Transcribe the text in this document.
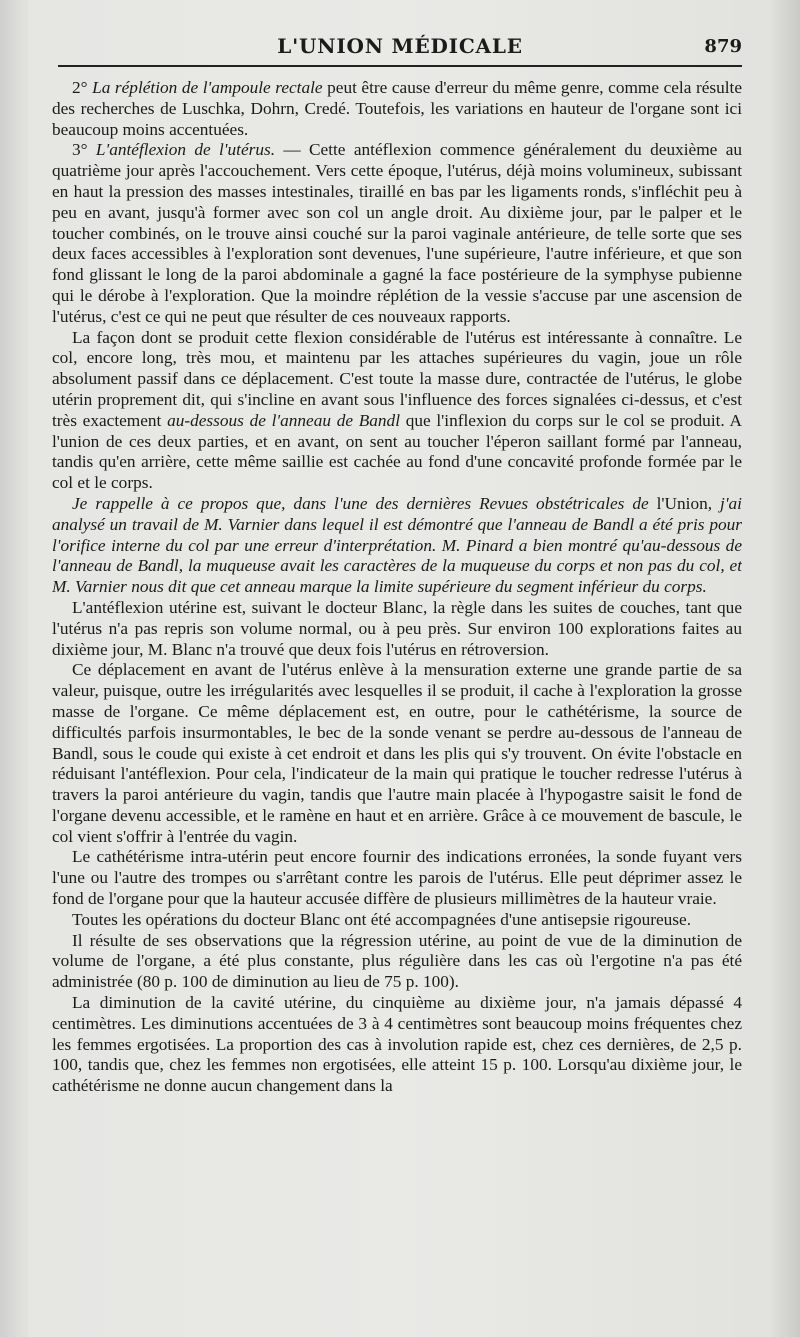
L'UNION MÉDICALE	879

2° La réplétion de l'ampoule rectale peut être cause d'erreur du même genre, comme cela résulte des recherches de Luschka, Dohrn, Credé. Toutefois, les variations en hauteur de l'organe sont ici beaucoup moins accentuées.

3° L'antéflexion de l'utérus. — Cette antéflexion commence généralement du deuxième au quatrième jour après l'accouchement. Vers cette époque, l'utérus, déjà moins volumineux, subissant en haut la pression des masses intestinales, tiraillé en bas par les ligaments ronds, s'infléchit peu à peu en avant, jusqu'à former avec son col un angle droit. Au dixième jour, par le palper et le toucher combinés, on le trouve ainsi couché sur la paroi vaginale antérieure, de telle sorte que ses deux faces accessibles à l'exploration sont devenues, l'une supérieure, l'autre inférieure, et que son fond glissant le long de la paroi abdominale a gagné la face postérieure de la symphyse pubienne qui le dérobe à l'exploration. Que la moindre réplétion de la vessie s'accuse par une ascension de l'utérus, c'est ce qui ne peut que résulter de ces nouveaux rapports.

La façon dont se produit cette flexion considérable de l'utérus est intéressante à connaître. Le col, encore long, très mou, et maintenu par les attaches supérieures du vagin, joue un rôle absolument passif dans ce déplacement. C'est toute la masse dure, contractée de l'utérus, le globe utérin proprement dit, qui s'incline en avant sous l'influence des forces signalées ci-dessus, et c'est très exactement au-dessous de l'anneau de Bandl que l'inflexion du corps sur le col se produit. A l'union de ces deux parties, et en avant, on sent au toucher l'éperon saillant formé par l'anneau, tandis qu'en arrière, cette même saillie est cachée au fond d'une concavité profonde formée par le col et le corps.

Je rappelle à ce propos que, dans l'une des dernières Revues obstétricales de l'Union, j'ai analysé un travail de M. Varnier dans lequel il est démontré que l'anneau de Bandl a été pris pour l'orifice interne du col par une erreur d'interprétation. M. Pinard a bien montré qu'au-dessous de l'anneau de Bandl, la muqueuse avait les caractères de la muqueuse du corps et non pas du col, et M. Varnier nous dit que cet anneau marque la limite supérieure du segment inférieur du corps.

L'antéflexion utérine est, suivant le docteur Blanc, la règle dans les suites de couches, tant que l'utérus n'a pas repris son volume normal, ou à peu près. Sur environ 100 explorations faites au dixième jour, M. Blanc n'a trouvé que deux fois l'utérus en rétroversion.

Ce déplacement en avant de l'utérus enlève à la mensuration externe une grande partie de sa valeur, puisque, outre les irrégularités avec lesquelles il se produit, il cache à l'exploration la grosse masse de l'organe. Ce même déplacement est, en outre, pour le cathétérisme, la source de difficultés parfois insurmontables, le bec de la sonde venant se perdre au-dessous de l'anneau de Bandl, sous le coude qui existe à cet endroit et dans les plis qui s'y trouvent. On évite l'obstacle en réduisant l'antéflexion. Pour cela, l'indicateur de la main qui pratique le toucher redresse l'utérus à travers la paroi antérieure du vagin, tandis que l'autre main placée à l'hypogastre saisit le fond de l'organe devenu accessible, et le ramène en haut et en arrière. Grâce à ce mouvement de bascule, le col vient s'offrir à l'entrée du vagin.

Le cathétérisme intra-utérin peut encore fournir des indications erronées, la sonde fuyant vers l'une ou l'autre des trompes ou s'arrêtant contre les parois de l'utérus. Elle peut déprimer assez le fond de l'organe pour que la hauteur accusée diffère de plusieurs millimètres de la hauteur vraie.

Toutes les opérations du docteur Blanc ont été accompagnées d'une antisepsie rigoureuse.

Il résulte de ses observations que la régression utérine, au point de vue de la diminution de volume de l'organe, a été plus constante, plus régulière dans les cas où l'ergotine n'a pas été administrée (80 p. 100 de diminution au lieu de 75 p. 100).

La diminution de la cavité utérine, du cinquième au dixième jour, n'a jamais dépassé 4 centimètres. Les diminutions accentuées de 3 à 4 centimètres sont beaucoup moins fréquentes chez les femmes ergotisées. La proportion des cas à involution rapide est, chez ces dernières, de 2,5 p. 100, tandis que, chez les femmes non ergotisées, elle atteint 15 p. 100. Lorsqu'au dixième jour, le cathétérisme ne donne aucun changement dans la
